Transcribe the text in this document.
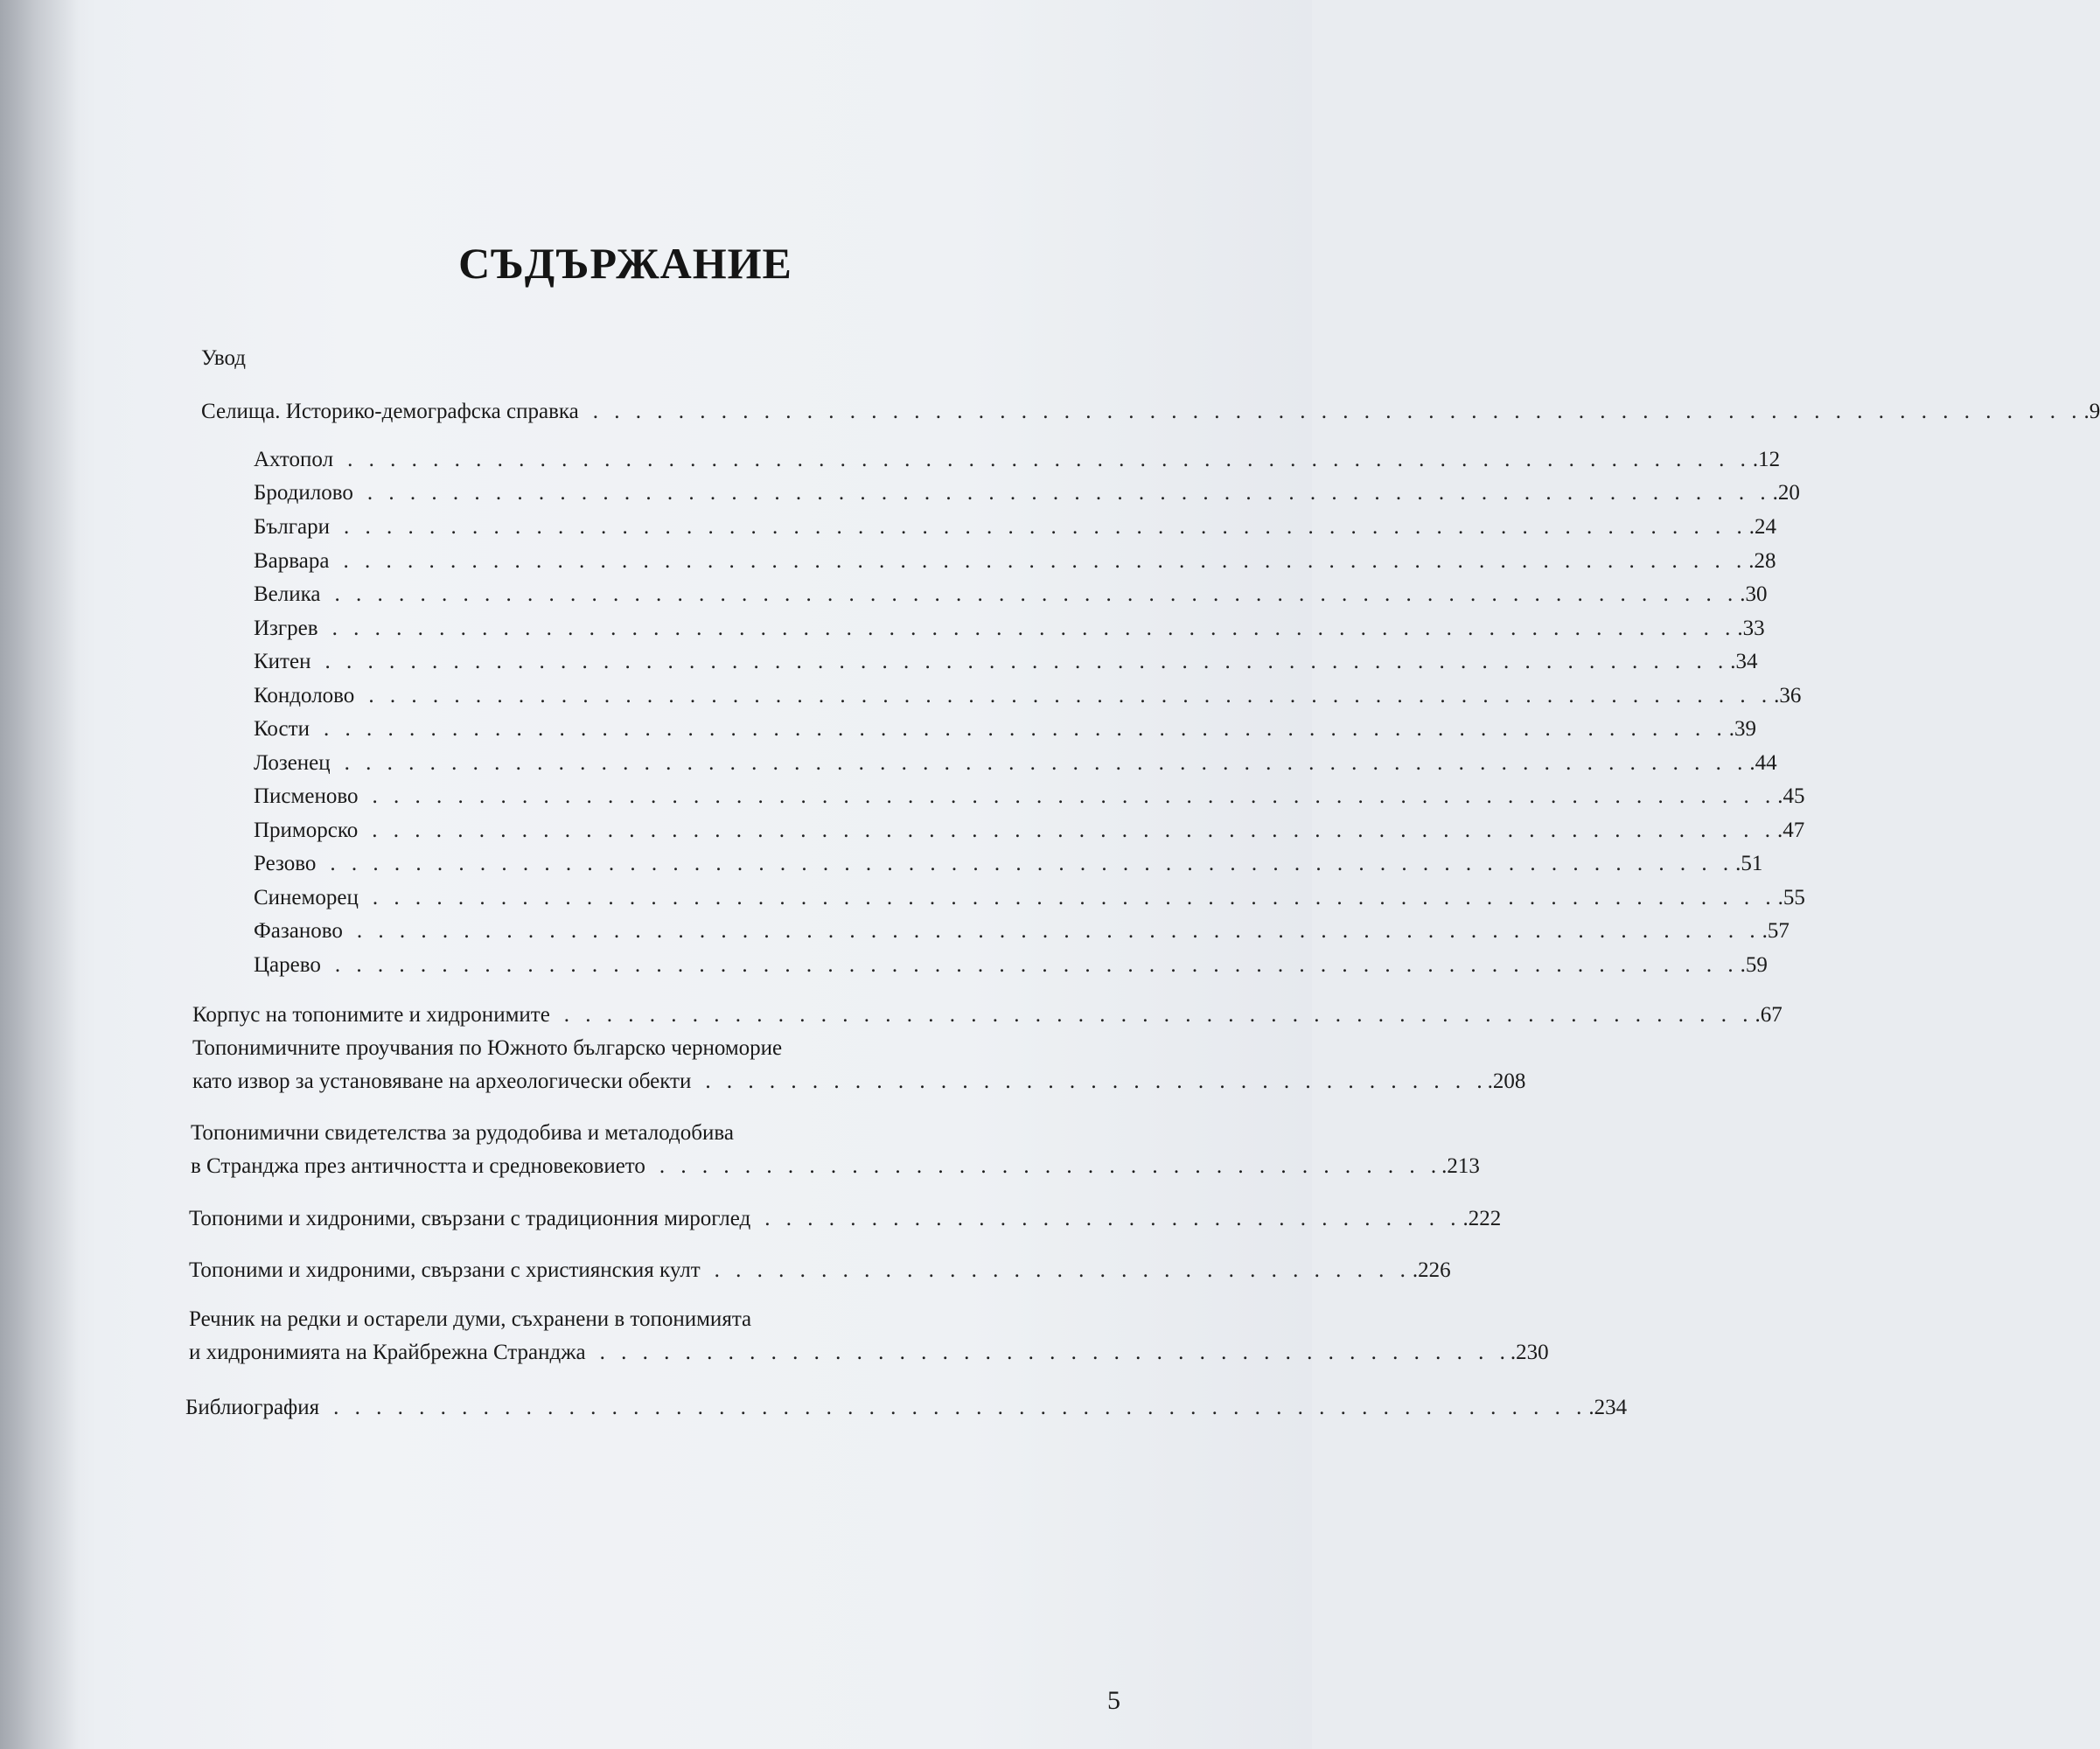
СЪДЪРЖАНИЕ
Увод
Селища. Историко-демографска справка . . . . . . . . . . . . . . . . . . . . . . . . . . . . . . . . . . . . . . . . . . . . . . . . . . . . . . . . . . . . . . . . . . . . . . .9
Ахтопол . . . . . . . . . . . . . . . . . . . . . . . . . . . . . . . . . . . . . . . . . . . . . . . . . . . . . . . . . . . . . . . . . . .12
Бродилово . . . . . . . . . . . . . . . . . . . . . . . . . . . . . . . . . . . . . . . . . . . . . . . . . . . . . . . . . . . . . . . . . . .20
Българи . . . . . . . . . . . . . . . . . . . . . . . . . . . . . . . . . . . . . . . . . . . . . . . . . . . . . . . . . . . . . . . . . . .24
Варвара . . . . . . . . . . . . . . . . . . . . . . . . . . . . . . . . . . . . . . . . . . . . . . . . . . . . . . . . . . . . . . . . . . .28
Велика . . . . . . . . . . . . . . . . . . . . . . . . . . . . . . . . . . . . . . . . . . . . . . . . . . . . . . . . . . . . . . . . . . .30
Изгрев . . . . . . . . . . . . . . . . . . . . . . . . . . . . . . . . . . . . . . . . . . . . . . . . . . . . . . . . . . . . . . . . . . .33
Китен . . . . . . . . . . . . . . . . . . . . . . . . . . . . . . . . . . . . . . . . . . . . . . . . . . . . . . . . . . . . . . . . . . .34
Кондолово . . . . . . . . . . . . . . . . . . . . . . . . . . . . . . . . . . . . . . . . . . . . . . . . . . . . . . . . . . . . . . . . . . .36
Кости . . . . . . . . . . . . . . . . . . . . . . . . . . . . . . . . . . . . . . . . . . . . . . . . . . . . . . . . . . . . . . . . . . .39
Лозенец . . . . . . . . . . . . . . . . . . . . . . . . . . . . . . . . . . . . . . . . . . . . . . . . . . . . . . . . . . . . . . . . . . .44
Писменово . . . . . . . . . . . . . . . . . . . . . . . . . . . . . . . . . . . . . . . . . . . . . . . . . . . . . . . . . . . . . . . . . . .45
Приморско . . . . . . . . . . . . . . . . . . . . . . . . . . . . . . . . . . . . . . . . . . . . . . . . . . . . . . . . . . . . . . . . . . .47
Резово . . . . . . . . . . . . . . . . . . . . . . . . . . . . . . . . . . . . . . . . . . . . . . . . . . . . . . . . . . . . . . . . . . .51
Синеморец . . . . . . . . . . . . . . . . . . . . . . . . . . . . . . . . . . . . . . . . . . . . . . . . . . . . . . . . . . . . . . . . . . .55
Фазаново . . . . . . . . . . . . . . . . . . . . . . . . . . . . . . . . . . . . . . . . . . . . . . . . . . . . . . . . . . . . . . . . . . .57
Царево . . . . . . . . . . . . . . . . . . . . . . . . . . . . . . . . . . . . . . . . . . . . . . . . . . . . . . . . . . . . . . . . . . .59
Корпус на топонимите и хидронимите . . . . . . . . . . . . . . . . . . . . . . . . . . . . . . . . . . . . . . . . . . . . . . . . . . . . . . . . .67
Топонимичните проучвания по Южното българско черноморие
като извор за установяване на археологически обекти . . . . . . . . . . . . . . . . . . . . . . . . . . . . . . . . . . . . . .208
Топонимични свидетелства за рудодобива и металодобива
в Странджа през античността и средновековието . . . . . . . . . . . . . . . . . . . . . . . . . . . . . . . . . . . . . .213
Топоними и хидроними, свързани с традиционния мироглед . . . . . . . . . . . . . . . . . . . . . . . . . . . . . . . . . .222
Топоними и хидроними, свързани с християнския култ . . . . . . . . . . . . . . . . . . . . . . . . . . . . . . . . . .226
Речник на редки и остарели думи, съхранени в топонимията
и хидронимията на Крайбрежна Странджа . . . . . . . . . . . . . . . . . . . . . . . . . . . . . . . . . . . . . . . . . . . .230
Библиография . . . . . . . . . . . . . . . . . . . . . . . . . . . . . . . . . . . . . . . . . . . . . . . . . . . . . . . . . . . .234
5
